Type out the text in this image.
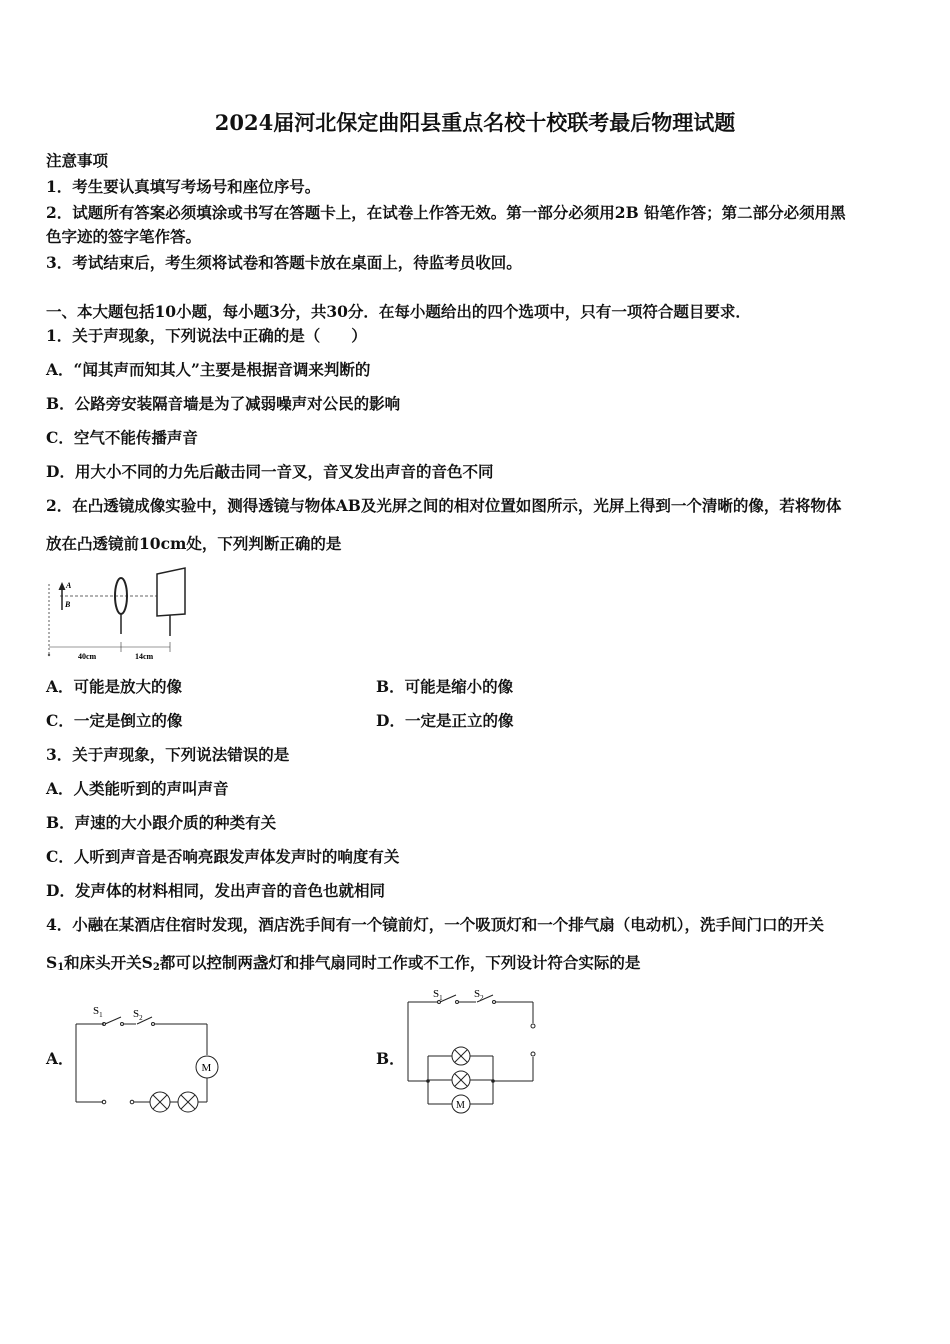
2024届河北保定曲阳县重点名校十校联考最后物理试题
注意事项
1．考生要认真填写考场号和座位序号。
2．试题所有答案必须填涂或书写在答题卡上，在试卷上作答无效。第一部分必须用2B 铅笔作答；第二部分必须用黑
色字迹的签字笔作答。
3．考试结束后，考生须将试卷和答题卡放在桌面上，待监考员收回。
一、本大题包括10小题，每小题3分，共30分．在每小题给出的四个选项中，只有一项符合题目要求．
1．关于声现象，下列说法中正确的是（　　）
A．“闻其声而知其人”主要是根据音调来判断的
B．公路旁安装隔音墙是为了减弱噪声对公民的影响
C．空气不能传播声音
D．用大小不同的力先后敲击同一音叉，音叉发出声音的音色不同
2．在凸透镜成像实验中，测得透镜与物体AB及光屏之间的相对位置如图所示，光屏上得到一个清晰的像，若将物体
放在凸透镜前10cm处，下列判断正确的是
A
B
40cm	14cm
A．可能是放大的像	B．可能是缩小的像
C．一定是倒立的像	D．一定是正立的像
3．关于声现象，下列说法错误的是
A．人类能听到的声叫声音
B．声速的大小跟介质的种类有关
C．人听到声音是否响亮跟发声体发声时的响度有关
D．发声体的材料相同，发出声音的音色也就相同
4．小融在某酒店住宿时发现，酒店洗手间有一个镜前灯，一个吸顶灯和一个排气扇（电动机），洗手间门口的开关
$S_1$和床头开关$S_2$都可以控制两盏灯和排气扇同时工作或不工作，下列设计符合实际的是
A．	B．
$S_1$	$S_2$
M
$S_1$	$S_2$
M
